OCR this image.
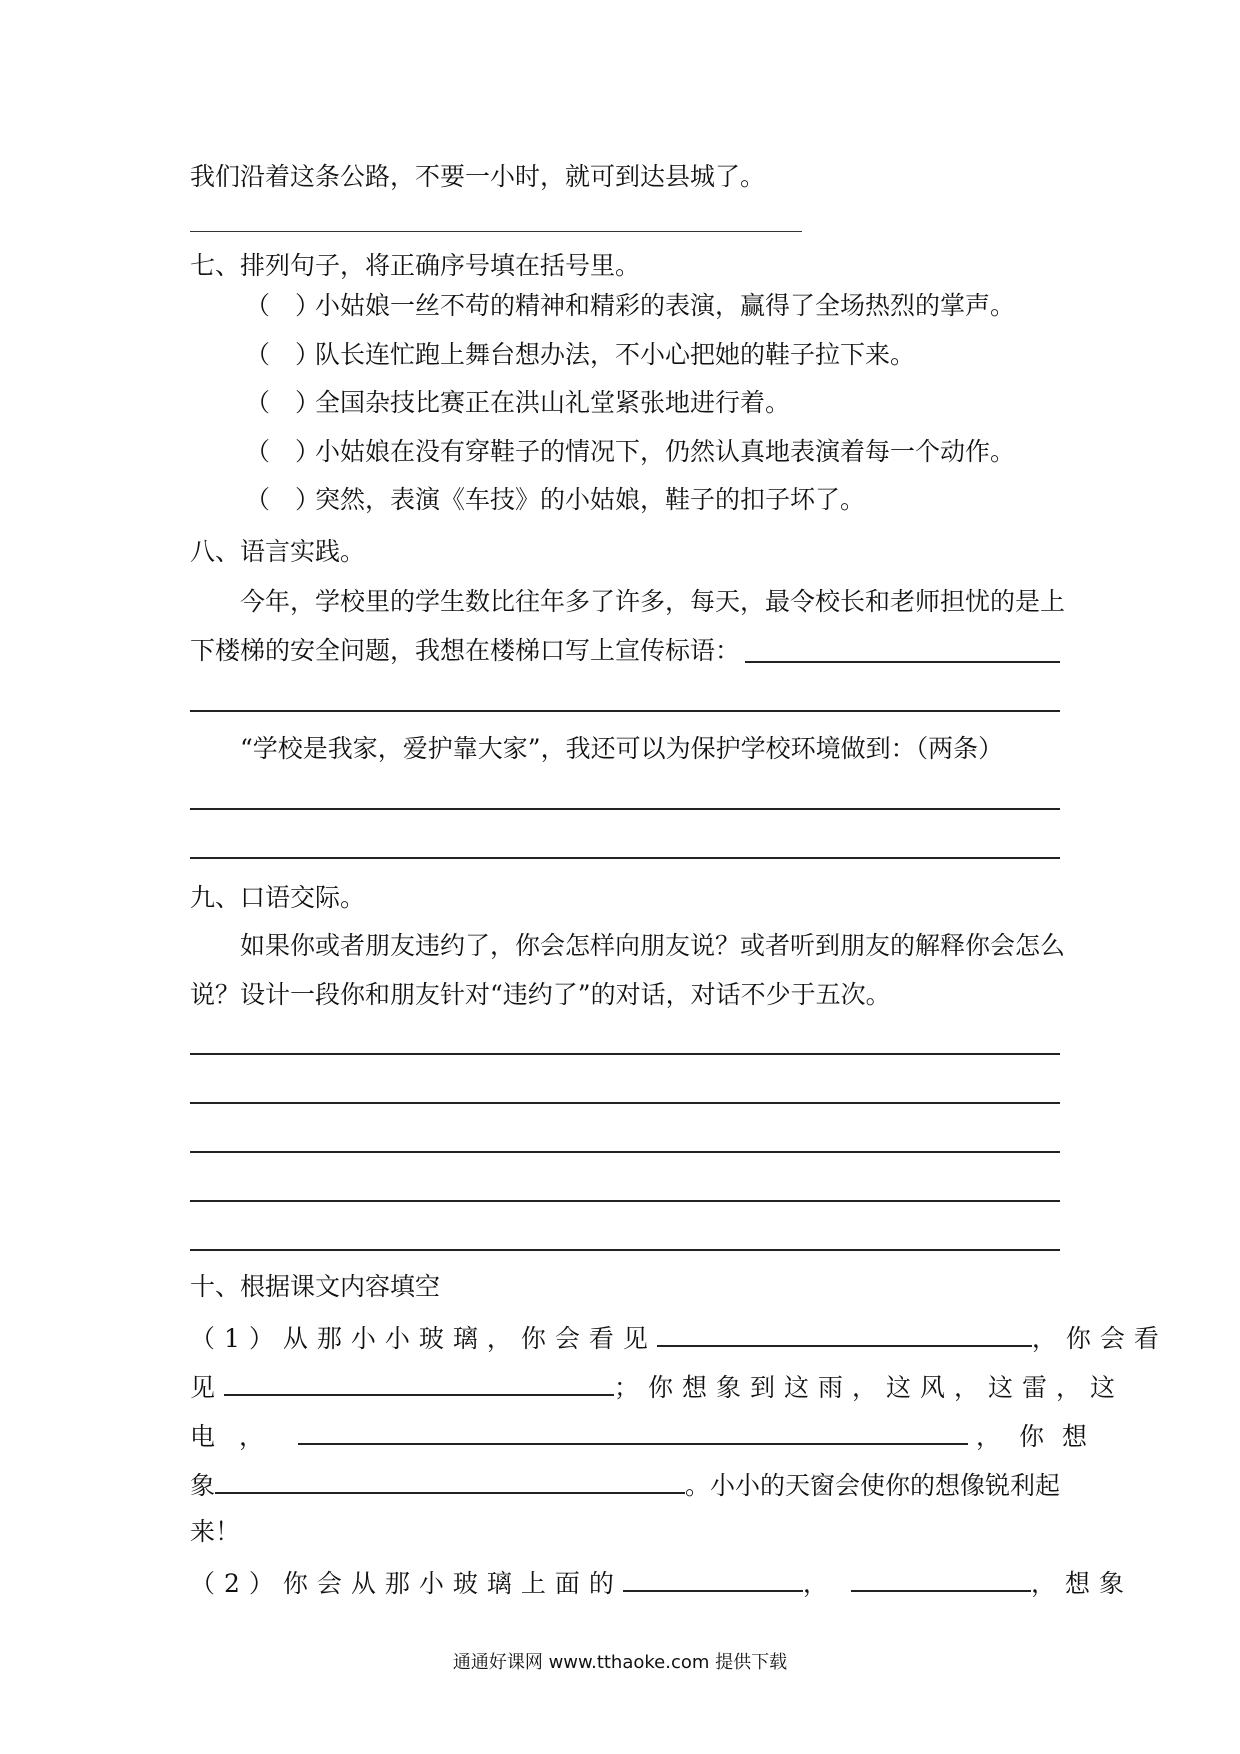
我们沿着这条公路，不要一小时，就可到达县城了。
七、排列句子，将正确序号填在括号里。
（　）小姑娘一丝不苟的精神和精彩的表演，赢得了全场热烈的掌声。
（　）队长连忙跑上舞台想办法，不小心把她的鞋子拉下来。
（　）全国杂技比赛正在洪山礼堂紧张地进行着。
（　）小姑娘在没有穿鞋子的情况下，仍然认真地表演着每一个动作。
（　）突然，表演《车技》的小姑娘，鞋子的扣子坏了。
八、语言实践。
今年，学校里的学生数比往年多了许多，每天，最令校长和老师担忧的是上
下楼梯的安全问题，我想在楼梯口写上宣传标语：
“学校是我家，爱护靠大家”，我还可以为保护学校环境做到：（两条）
九、口语交际。
如果你或者朋友违约了，你会怎样向朋友说？或者听到朋友的解释你会怎么
说？设计一段你和朋友针对“违约了”的对话，对话不少于五次。
十、根据课文内容填空
（1）从那小小玻璃，你会看见	，你会看
见	；你想象到这雨，这风，这雷，这
电，	，你想
象	。小小的天窗会使你的想像锐利起
来！
（2）你会从那小玻璃上面的	，	，想象
通通好课网 www.tthaoke.com 提供下载
